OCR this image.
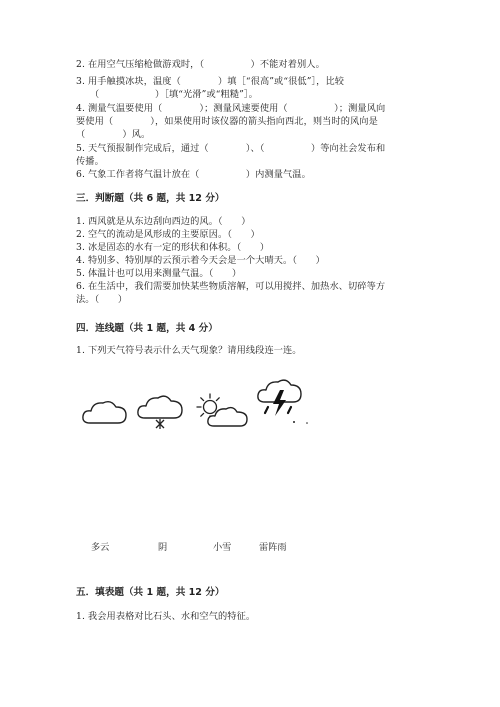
2. 在用空气压缩枪做游戏时，（　　　　　）不能对着别人。
3. 用手触摸冰块，温度（　　　　）填［“很高”或“很低”］，比较
（　　　　　　）［填“光滑”或“粗糙”］。
4. 测量气温要使用（　　　　）；测量风速要使用（　　　　　）；测量风向
要使用（　　　　），如果使用时该仪器的箭头指向西北，则当时的风向是
（　　　　）风。
5. 天气预报制作完成后，通过（　　　　）、（　　　　　）等向社会发布和
传播。
6. 气象工作者将气温计放在（　　　　　）内测量气温。
三．判断题（共 6 题，共 12 分）
1. 西风就是从东边刮向西边的风。（　　）
2. 空气的流动是风形成的主要原因。（　　）
3. 冰是固态的水有一定的形状和体积。（　　）
4. 特别多、特别厚的云预示着今天会是一个大晴天。（　　）
5. 体温计也可以用来测量气温。（　　）
6. 在生活中，我们需要加快某些物质溶解，可以用搅拌、加热水、切碎等方
法。（　　）
四．连线题（共 1 题，共 4 分）
1. 下列天气符号表示什么天气现象？请用线段连一连。
多云	阴	小雪	雷阵雨
五．填表题（共 1 题，共 12 分）
1. 我会用表格对比石头、水和空气的特征。
